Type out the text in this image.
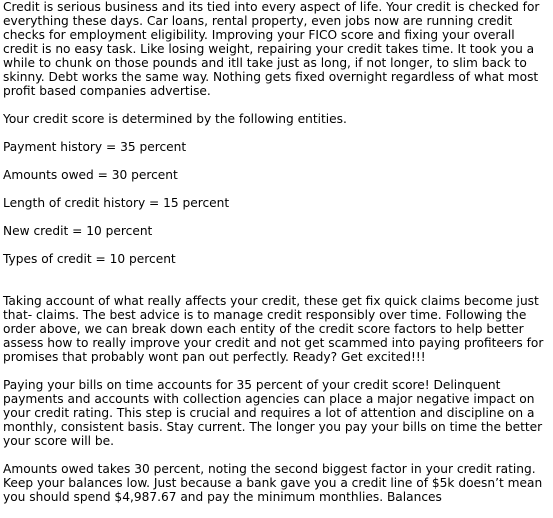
Credit is serious business and its tied into every aspect of life. Your credit is checked for everything these days. Car loans, rental property, even jobs now are running credit checks for employment eligibility. Improving your FICO score and fixing your overall credit is no easy task. Like losing weight, repairing your credit takes time. It took you a while to chunk on those pounds and itll take just as long, if not longer, to slim back to skinny. Debt works the same way. Nothing gets fixed overnight regardless of what most profit based companies advertise.

Your credit score is determined by the following entities.

Payment history = 35 percent

Amounts owed = 30 percent

Length of credit history = 15 percent

New credit = 10 percent

Types of credit = 10 percent

Taking account of what really affects your credit, these get fix quick claims become just that- claims. The best advice is to manage credit responsibly over time. Following the order above, we can break down each entity of the credit score factors to help better assess how to really improve your credit and not get scammed into paying profiteers for promises that probably wont pan out perfectly. Ready? Get excited!!!

Paying your bills on time accounts for 35 percent of your credit score! Delinquent payments and accounts with collection agencies can place a major negative impact on your credit rating. This step is crucial and requires a lot of attention and discipline on a monthly, consistent basis. Stay current. The longer you pay your bills on time the better your score will be.

Amounts owed takes 30 percent, noting the second biggest factor in your credit rating. Keep your balances low. Just because a bank gave you a credit line of $5k doesn’t mean you should spend $4,987.67 and pay the minimum monthlies. Balances
